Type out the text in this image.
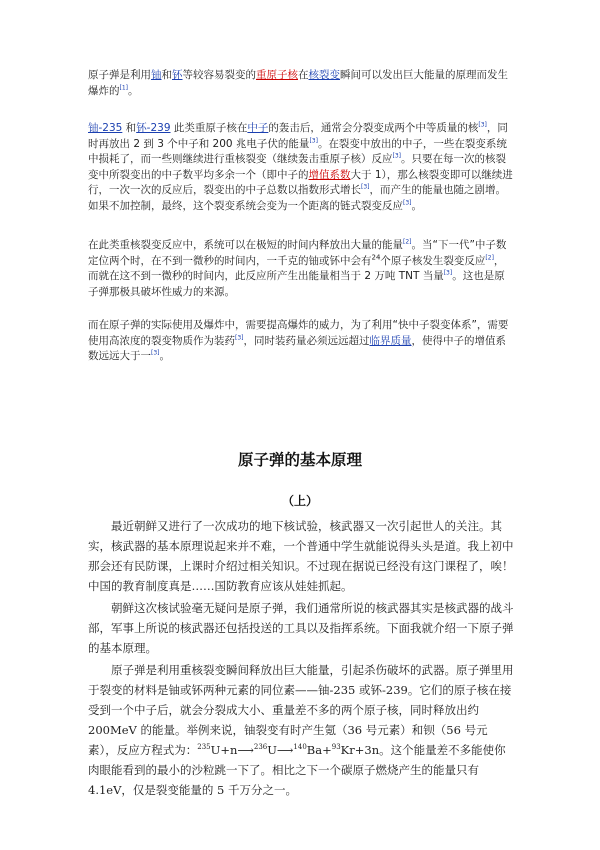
原子弹是利用铀和钚等较容易裂变的重原子核在核裂变瞬间可以发出巨大能量的原理而发生爆炸的[1]。

铀-235 和钚-239 此类重原子核在中子的轰击后，通常会分裂变成两个中等质量的核[3]，同时再放出 2 到 3 个中子和 200 兆电子伏的能量[3]。在裂变中放出的中子，一些在裂变系统中损耗了，而一些则继续进行重核裂变（继续轰击重原子核）反应[3]。只要在每一次的核裂变中所裂变出的中子数平均多余一个（即中子的增值系数大于 1），那么核裂变即可以继续进行，一次一次的反应后，裂变出的中子总数以指数形式增长[3]，而产生的能量也随之剧增。如果不加控制，最终，这个裂变系统会变为一个距离的链式裂变反应[3]。

在此类重核裂变反应中，系统可以在极短的时间内释放出大量的能量[2]。当“下一代”中子数定位两个时，在不到一微秒的时间内，一千克的铀或钚中会有$^{24}$个原子核发生裂变反应[2]，而就在这不到一微秒的时间内，此反应所产生出能量相当于 2 万吨 TNT 当量[3]。这也是原子弹那极具破坏性威力的来源。

而在原子弹的实际使用及爆炸中，需要提高爆炸的威力，为了利用“快中子裂变体系”，需要使用高浓度的裂变物质作为装药[3]，同时装药量必须远远超过临界质量，使得中子的增值系数远远大于一[3]。

原子弹的基本原理
（上）

最近朝鲜又进行了一次成功的地下核试验，核武器又一次引起世人的关注。其实，核武器的基本原理说起来并不难，一个普通中学生就能说得头头是道。我上初中那会还有民防课，上课时介绍过相关知识。不过现在据说已经没有这门课程了，唉！中国的教育制度真是……国防教育应该从娃娃抓起。

朝鲜这次核试验毫无疑问是原子弹，我们通常所说的核武器其实是核武器的战斗部，军事上所说的核武器还包括投送的工具以及指挥系统。下面我就介绍一下原子弹的基本原理。

原子弹是利用重核裂变瞬间释放出巨大能量，引起杀伤破坏的武器。原子弹里用于裂变的材料是铀或钚两种元素的同位素——铀-235 或钚-239。它们的原子核在接受到一个中子后，就会分裂成大小、重量差不多的两个原子核，同时释放出约 200MeV 的能量。举例来说，铀裂变有时产生氪（36 号元素）和钡（56 号元素），反应方程式为：$^{235}$U+n⟶$^{236}$U⟶$^{140}$Ba+$^{93}$Kr+3n。这个能量差不多能使你肉眼能看到的最小的沙粒跳一下了。相比之下一个碳原子燃烧产生的能量只有 4.1eV，仅是裂变能量的 5 千万分之一。
